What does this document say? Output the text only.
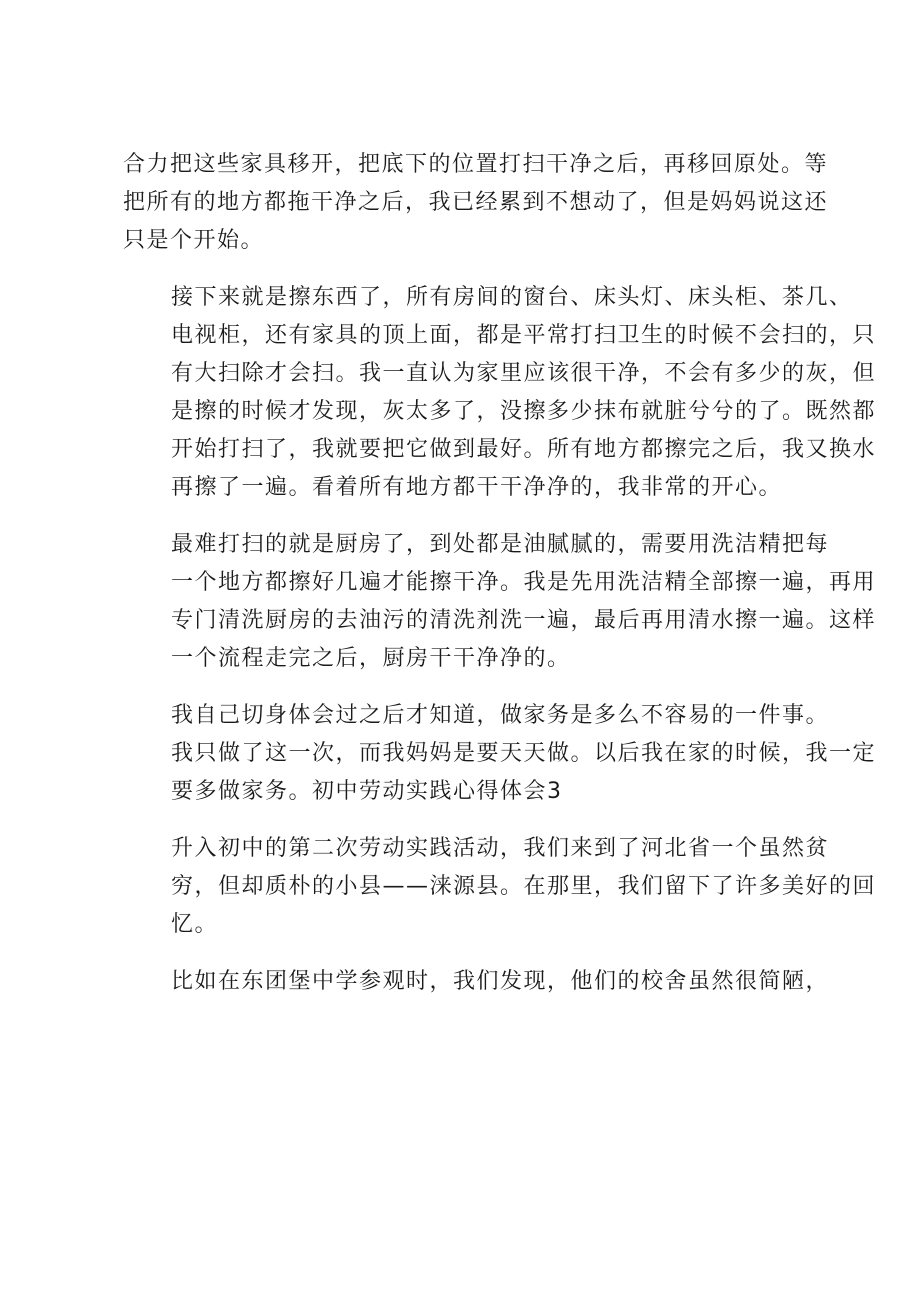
合力把这些家具移开，把底下的位置打扫干净之后，再移回原处。等
把所有的地方都拖干净之后，我已经累到不想动了，但是妈妈说这还
只是个开始。

接下来就是擦东西了，所有房间的窗台、床头灯、床头柜、茶几、
电视柜，还有家具的顶上面，都是平常打扫卫生的时候不会扫的，只
有大扫除才会扫。我一直认为家里应该很干净，不会有多少的灰，但
是擦的时候才发现，灰太多了，没擦多少抹布就脏兮兮的了。既然都
开始打扫了，我就要把它做到最好。所有地方都擦完之后，我又换水
再擦了一遍。看着所有地方都干干净净的，我非常的开心。

最难打扫的就是厨房了，到处都是油腻腻的，需要用洗洁精把每
一个地方都擦好几遍才能擦干净。我是先用洗洁精全部擦一遍，再用
专门清洗厨房的去油污的清洗剂洗一遍，最后再用清水擦一遍。这样
一个流程走完之后，厨房干干净净的。

我自己切身体会过之后才知道，做家务是多么不容易的一件事。
我只做了这一次，而我妈妈是要天天做。以后我在家的时候，我一定
要多做家务。初中劳动实践心得体会3

升入初中的第二次劳动实践活动，我们来到了河北省一个虽然贫
穷，但却质朴的小县——涞源县。在那里，我们留下了许多美好的回
忆。

比如在东团堡中学参观时，我们发现，他们的校舍虽然很简陋，
